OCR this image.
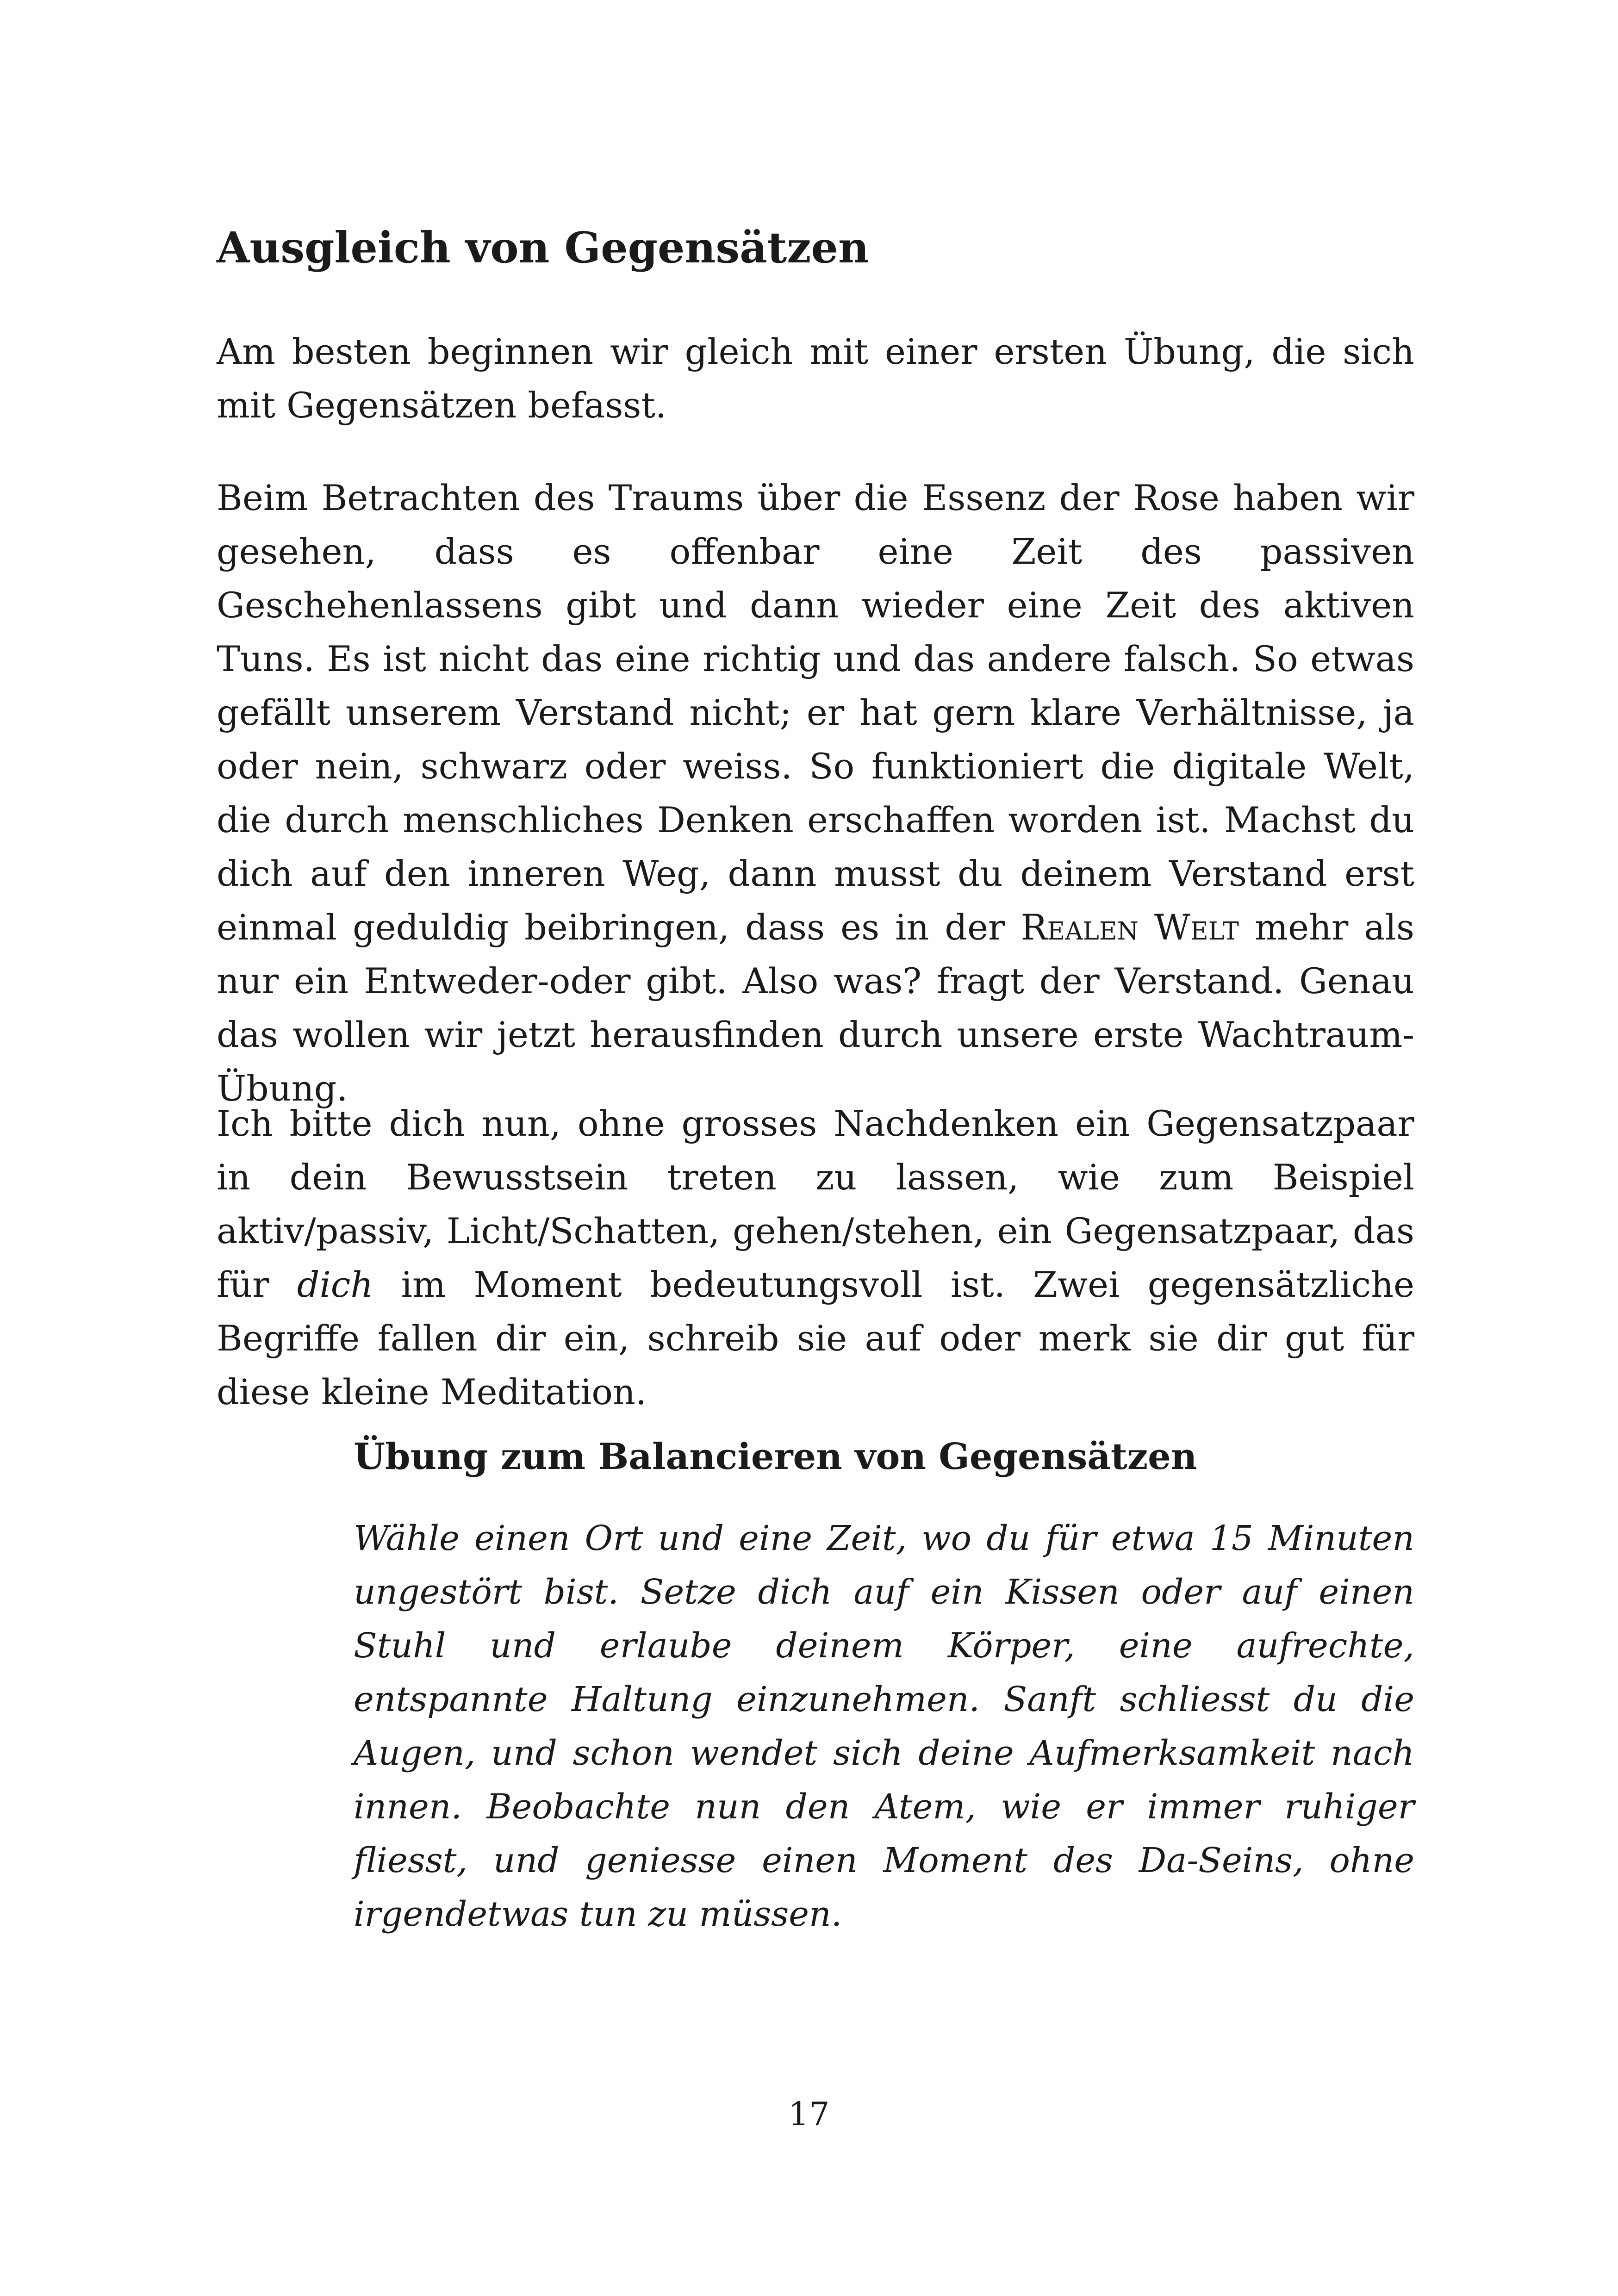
Ausgleich von Gegensätzen

Am besten beginnen wir gleich mit einer ersten Übung, die sich mit Gegensätzen befasst.

Beim Betrachten des Traums über die Essenz der Rose haben wir gesehen, dass es offenbar eine Zeit des passiven Geschehenlassens gibt und dann wieder eine Zeit des aktiven Tuns. Es ist nicht das eine richtig und das andere falsch. So etwas gefällt unserem Verstand nicht; er hat gern klare Verhältnisse, ja oder nein, schwarz oder weiss. So funktioniert die digitale Welt, die durch menschliches Denken erschaffen worden ist. Machst du dich auf den inneren Weg, dann musst du deinem Verstand erst einmal geduldig beibringen, dass es in der Realen Welt mehr als nur ein Entweder-oder gibt. Also was? fragt der Verstand. Genau das wollen wir jetzt herausfinden durch unsere erste Wachtraum-Übung.

Ich bitte dich nun, ohne grosses Nachdenken ein Gegensatzpaar in dein Bewusstsein treten zu lassen, wie zum Beispiel aktiv/passiv, Licht/Schatten, gehen/stehen, ein Gegensatzpaar, das für dich im Moment bedeutungsvoll ist. Zwei gegensätzliche Begriffe fallen dir ein, schreib sie auf oder merk sie dir gut für diese kleine Meditation.

Übung zum Balancieren von Gegensätzen

Wähle einen Ort und eine Zeit, wo du für etwa 15 Minuten ungestört bist. Setze dich auf ein Kissen oder auf einen Stuhl und erlaube deinem Körper, eine aufrechte, entspannte Haltung einzunehmen. Sanft schliesst du die Augen, und schon wendet sich deine Aufmerksamkeit nach innen. Beobachte nun den Atem, wie er immer ruhiger fliesst, und geniesse einen Moment des Da-Seins, ohne irgendetwas tun zu müssen.

17
